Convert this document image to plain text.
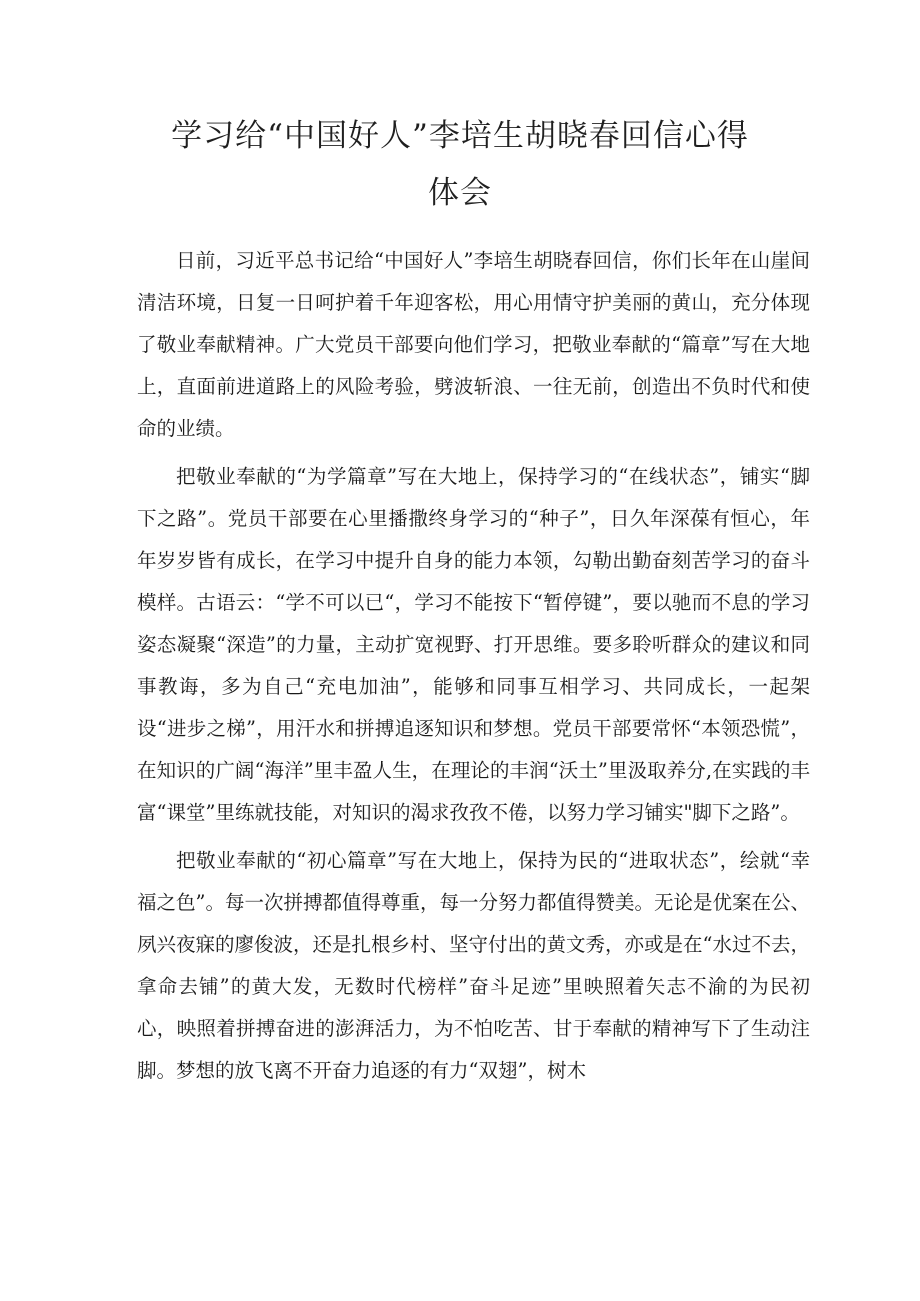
学习给“中国好人”李培生胡晓春回信心得
体会

日前，习近平总书记给“中国好人”李培生胡晓春回信，你们长年在山崖间清洁环境，日复一日呵护着千年迎客松，用心用情守护美丽的黄山，充分体现了敬业奉献精神。广大党员干部要向他们学习，把敬业奉献的“篇章”写在大地上，直面前进道路上的风险考验，劈波斩浪、一往无前，创造出不负时代和使命的业绩。

把敬业奉献的“为学篇章”写在大地上，保持学习的“在线状态”，铺实“脚下之路”。党员干部要在心里播撒终身学习的“种子”，日久年深葆有恒心，年年岁岁皆有成长，在学习中提升自身的能力本领，勾勒出勤奋刻苦学习的奋斗模样。古语云：“学不可以已“，学习不能按下“暂停键”，要以驰而不息的学习姿态凝聚“深造”的力量，主动扩宽视野、打开思维。要多聆听群众的建议和同事教诲，多为自己“充电加油”，能够和同事互相学习、共同成长，一起架设“进步之梯”，用汗水和拼搏追逐知识和梦想。党员干部要常怀“本领恐慌”，在知识的广阔“海洋”里丰盈人生，在理论的丰润“沃土”里汲取养分,在实践的丰富“课堂”里练就技能，对知识的渴求孜孜不倦，以努力学习铺实"脚下之路”。

把敬业奉献的“初心篇章”写在大地上，保持为民的“进取状态”，绘就“幸福之色”。每一次拼搏都值得尊重，每一分努力都值得赞美。无论是优案在公、夙兴夜寐的廖俊波，还是扎根乡村、坚守付出的黄文秀，亦或是在“水过不去，拿命去铺”的黄大发，无数时代榜样”奋斗足迹”里映照着矢志不渝的为民初心，映照着拼搏奋进的澎湃活力，为不怕吃苦、甘于奉献的精神写下了生动注脚。梦想的放飞离不开奋力追逐的有力“双翅”，树木
